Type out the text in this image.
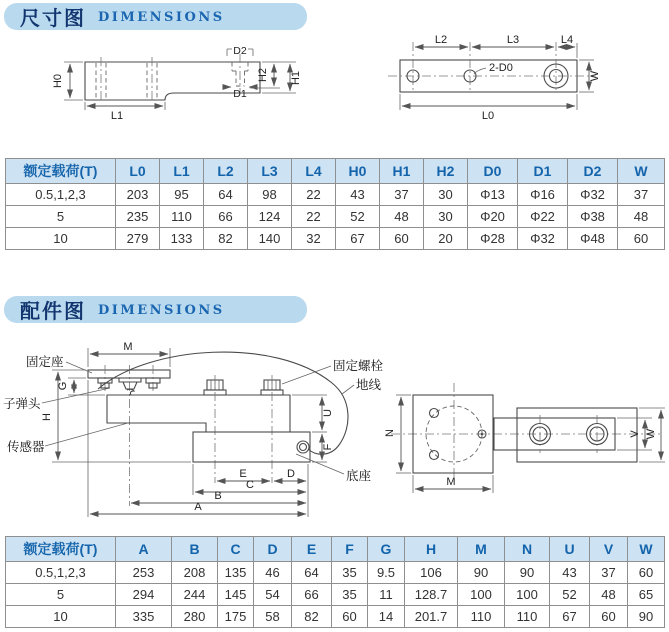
尺寸图 DIMENSIONS
H0
L1
D2
D1
H2 H1
L2	L3	L4
2-D0
W
L0
额定载荷(T)	L0	L1	L2	L3	L4	H0	H1	H2	D0	D1	D2	W
0.5,1,2,3	203	95	64	98	22	43	37	30	Φ13	Φ16	Φ32	37
5	235	110	66	124	22	52	48	30	Φ20	Φ22	Φ38	48
10	279	133	82	140	32	67	60	20	Φ28	Φ32	Φ48	60
配件图 DIMENSIONS
M
G
H
U
F
E	D
C
B
A
固定座
子弹头
传感器
固定螺栓
地线
底座
N
M
V W
额定载荷(T)	A	B	C	D	E	F	G	H	M	N	U	V	W
0.5,1,2,3	253	208	135	46	64	35	9.5	106	90	90	43	37	60
5	294	244	145	54	66	35	11	128.7	100	100	52	48	65
10	335	280	175	58	82	60	14	201.7	110	110	67	60	90
